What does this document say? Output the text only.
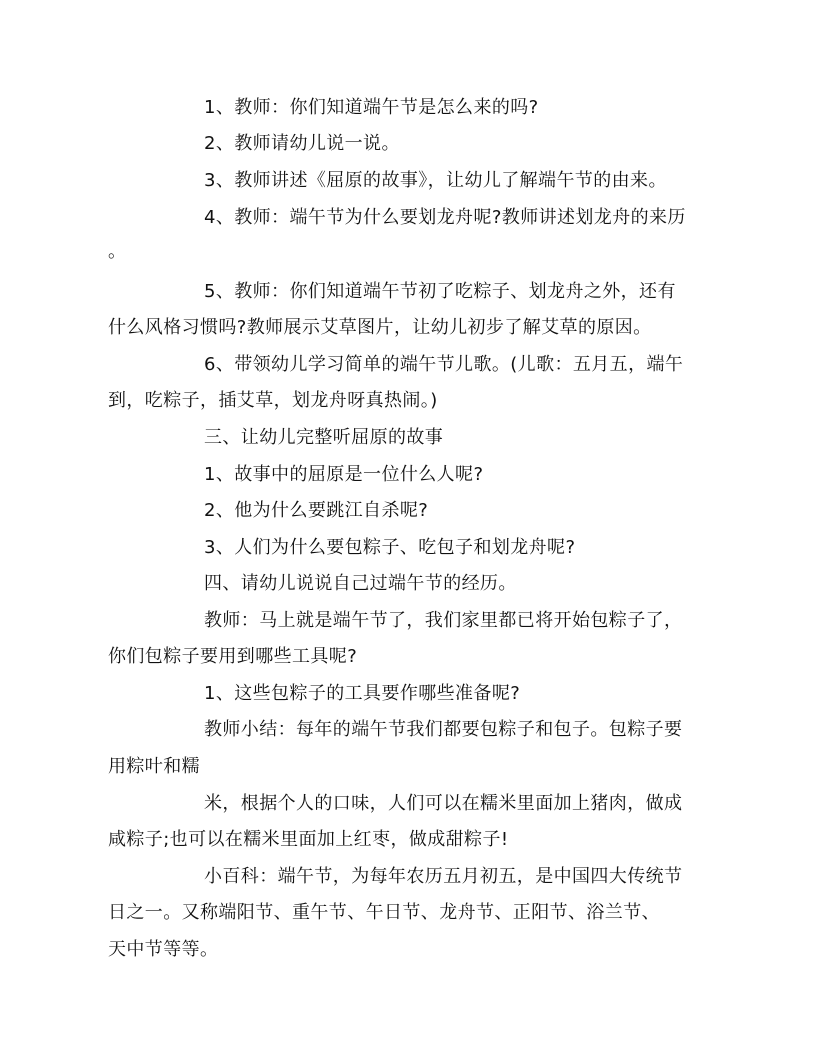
1、教师：你们知道端午节是怎么来的吗?
2、教师请幼儿说一说。
3、教师讲述《屈原的故事》，让幼儿了解端午节的由来。
4、教师：端午节为什么要划龙舟呢?教师讲述划龙舟的来历
。
5、教师：你们知道端午节初了吃粽子、划龙舟之外，还有
什么风格习惯吗?教师展示艾草图片，让幼儿初步了解艾草的原因。
6、带领幼儿学习简单的端午节儿歌。(儿歌：五月五，端午
到，吃粽子，插艾草，划龙舟呀真热闹。)
三、让幼儿完整听屈原的故事
1、故事中的屈原是一位什么人呢?
2、他为什么要跳江自杀呢?
3、人们为什么要包粽子、吃包子和划龙舟呢?
四、请幼儿说说自己过端午节的经历。
教师：马上就是端午节了，我们家里都已将开始包粽子了，
你们包粽子要用到哪些工具呢?
1、这些包粽子的工具要作哪些准备呢?
教师小结：每年的端午节我们都要包粽子和包子。包粽子要
用粽叶和糯
米，根据个人的口味，人们可以在糯米里面加上猪肉，做成
咸粽子;也可以在糯米里面加上红枣，做成甜粽子!
小百科：端午节，为每年农历五月初五，是中国四大传统节
日之一。又称端阳节、重午节、午日节、龙舟节、正阳节、浴兰节、
天中节等等。
